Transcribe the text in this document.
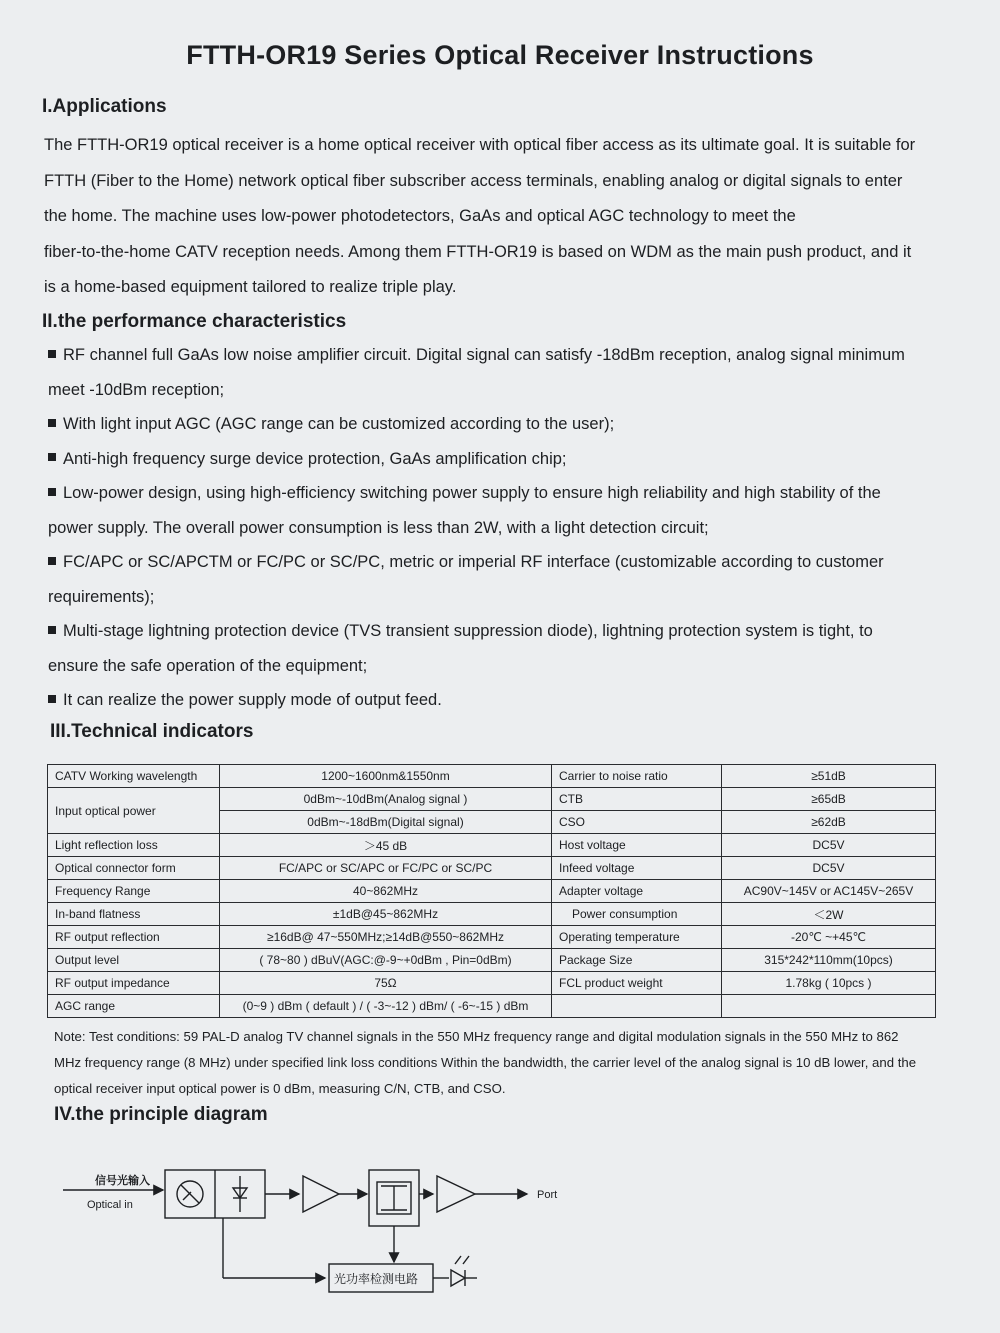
FTTH-OR19 Series Optical Receiver Instructions
I.Applications
The FTTH-OR19 optical receiver is a home optical receiver with optical fiber access as its ultimate goal. It is suitable for
FTTH (Fiber to the Home) network optical fiber subscriber access terminals, enabling analog or digital signals to enter
the home. The machine uses low-power photodetectors, GaAs and optical AGC technology to meet the
fiber-to-the-home CATV reception needs. Among them FTTH-OR19 is based on WDM as the main push product, and it
is a home-based equipment tailored to realize triple play.
II.the performance characteristics
RF channel full GaAs low noise amplifier circuit. Digital signal can satisfy -18dBm reception, analog signal minimum
meet -10dBm reception;
With light input AGC (AGC range can be customized according to the user);
Anti-high frequency surge device protection, GaAs amplification chip;
Low-power design, using high-efficiency switching power supply to ensure high reliability and high stability of the
power supply. The overall power consumption is less than 2W, with a light detection circuit;
FC/APC or SC/APCTM or FC/PC or SC/PC, metric or imperial RF interface (customizable according to customer
requirements);
Multi-stage lightning protection device (TVS transient suppression diode), lightning protection system is tight, to
ensure the safe operation of the equipment;
It can realize the power supply mode of output feed.
III.Technical indicators
CATV Working wavelength	1200~1600nm&1550nm	Carrier to noise ratio	≥51dB
Input optical power	0dBm~-10dBm(Analog signal )	CTB	≥65dB
	0dBm~-18dBm(Digital signal)	CSO	≥62dB
Light reflection loss	＞45 dB	Host voltage	DC5V
Optical connector form	FC/APC or SC/APC or FC/PC or SC/PC	Infeed voltage	DC5V
Frequency Range	40~862MHz	Adapter voltage	AC90V~145V or AC145V~265V
In-band flatness	±1dB@45~862MHz	Power consumption	＜2W
RF output reflection	≥16dB@ 47~550MHz;≥14dB@550~862MHz	Operating temperature	-20℃ ~+45℃
Output level	( 78~80 ) dBuV(AGC:@-9~+0dBm , Pin=0dBm)	Package Size	315*242*110mm(10pcs)
RF output impedance	75Ω	FCL product weight	1.78kg ( 10pcs )
AGC range	(0~9 ) dBm ( default ) / ( -3~-12 ) dBm/ ( -6~-15 ) dBm		
Note: Test conditions: 59 PAL-D analog TV channel signals in the 550 MHz frequency range and digital modulation signals in the 550 MHz to 862
MHz frequency range (8 MHz) under specified link loss conditions Within the bandwidth, the carrier level of the analog signal is 10 dB lower, and the
optical receiver input optical power is 0 dBm, measuring C/N, CTB, and CSO.
IV.the principle diagram
信号光输入
Optical in
Port
光功率检测电路
